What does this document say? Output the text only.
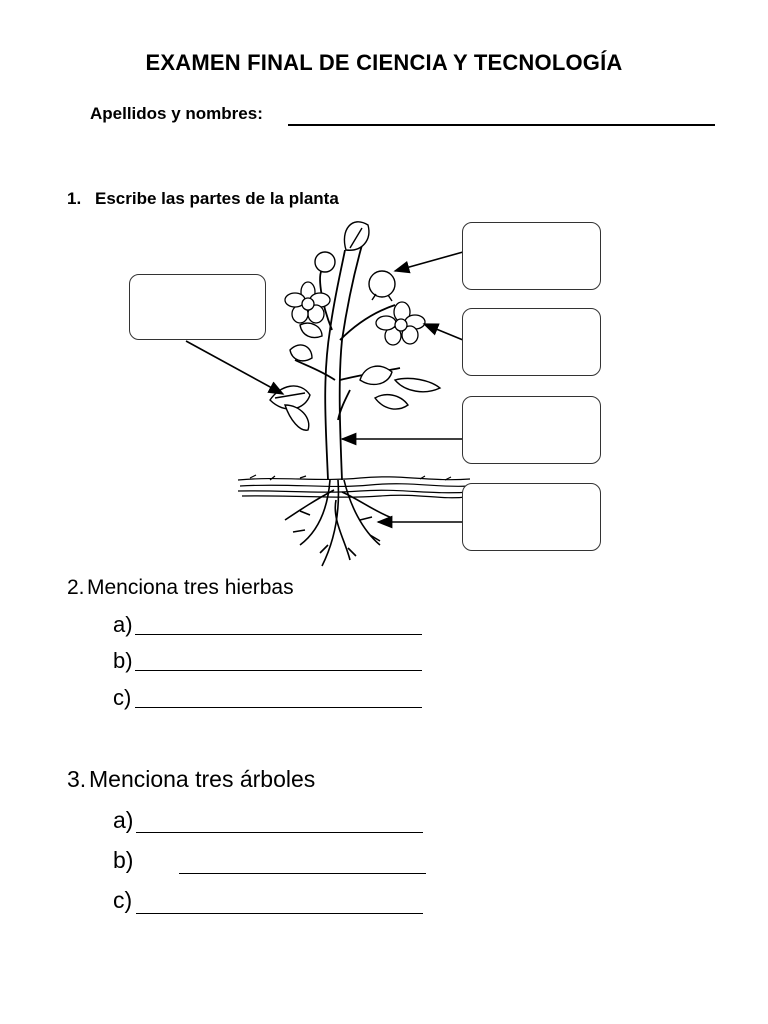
EXAMEN FINAL DE CIENCIA Y TECNOLOGÍA
Apellidos y nombres:
1. Escribe las partes de la planta
2. Menciona tres hierbas
a)
b)
c)
3. Menciona tres árboles
a)
b)
c)
